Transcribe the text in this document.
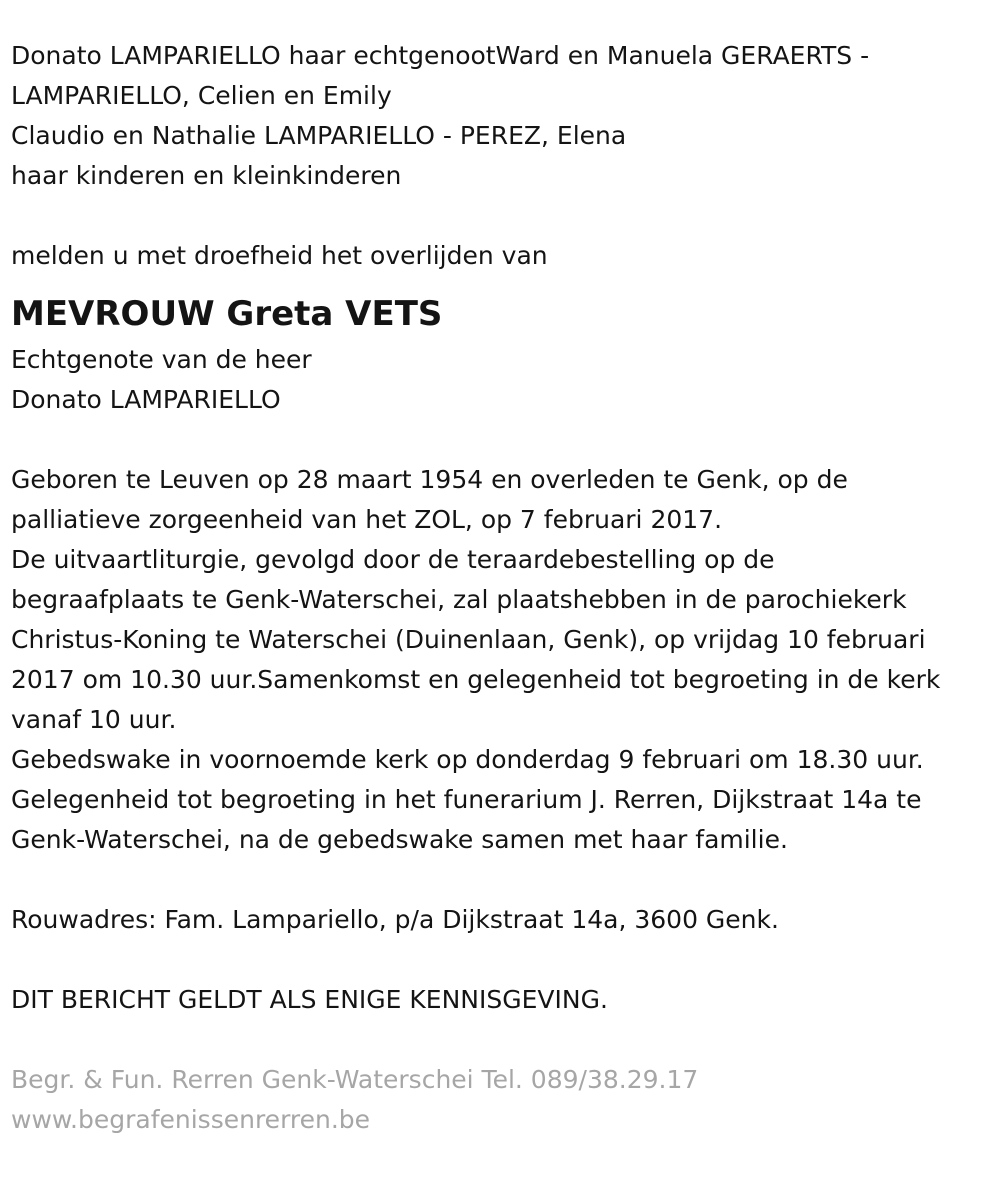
Donato LAMPARIELLO haar echtgenootWard en Manuela GERAERTS -
LAMPARIELLO, Celien en Emily
Claudio en Nathalie LAMPARIELLO - PEREZ, Elena
haar kinderen en kleinkinderen
melden u met droefheid het overlijden van
MEVROUW Greta VETS
Echtgenote van de heer
Donato LAMPARIELLO
Geboren te Leuven op 28 maart 1954 en overleden te Genk, op de
palliatieve zorgeenheid van het ZOL, op 7 februari 2017.
De uitvaartliturgie, gevolgd door de teraardebestelling op de
begraafplaats te Genk-Waterschei, zal plaatshebben in de parochiekerk
Christus-Koning te Waterschei (Duinenlaan, Genk), op vrijdag 10 februari
2017 om 10.30 uur.Samenkomst en gelegenheid tot begroeting in de kerk
vanaf 10 uur.
Gebedswake in voornoemde kerk op donderdag 9 februari om 18.30 uur.
Gelegenheid tot begroeting in het funerarium J. Rerren, Dijkstraat 14a te
Genk-Waterschei, na de gebedswake samen met haar familie.
Rouwadres: Fam. Lampariello, p/a Dijkstraat 14a, 3600 Genk.
DIT BERICHT GELDT ALS ENIGE KENNISGEVING.
Begr. & Fun. Rerren Genk-Waterschei Tel. 089/38.29.17
www.begrafenissenrerren.be
